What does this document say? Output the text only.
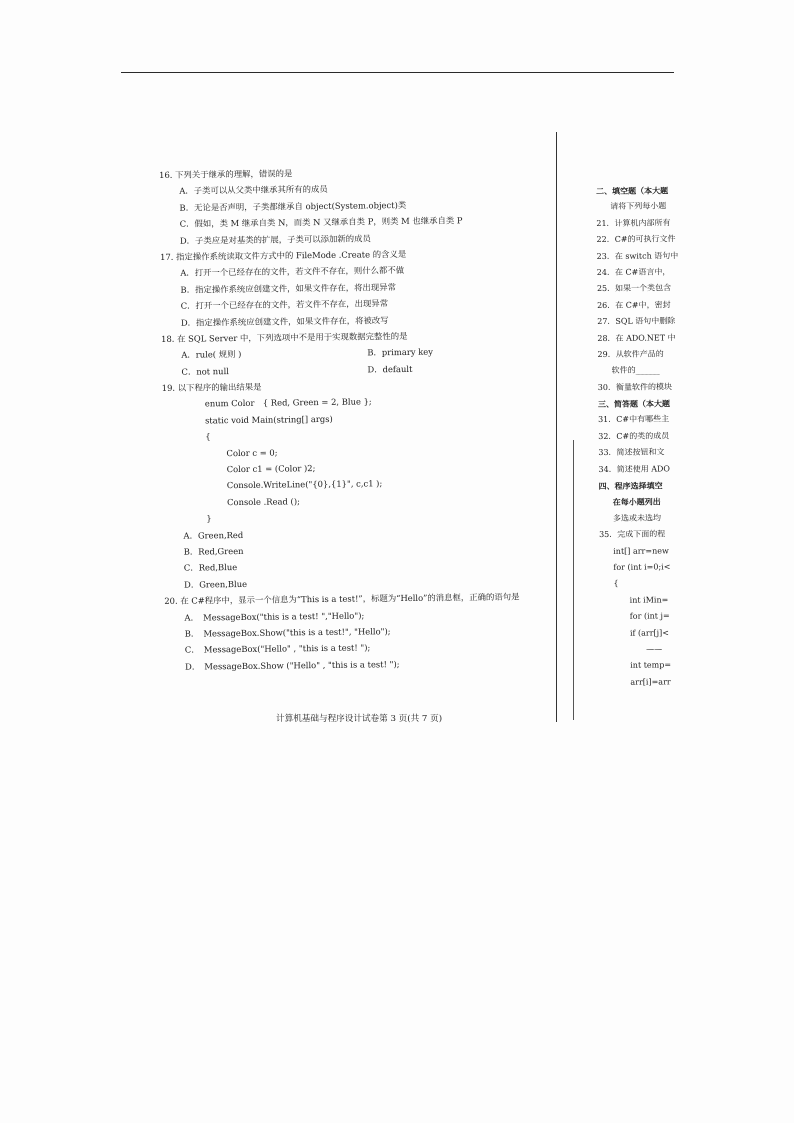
16. 下列关于继承的理解，错误的是
A．子类可以从父类中继承其所有的成员
B．无论是否声明，子类都继承自 object(System.object)类
C．假如，类 M 继承自类 N，而类 N 又继承自类 P，则类 M 也继承自类 P
D．子类应是对基类的扩展，子类可以添加新的成员
17. 指定操作系统读取文件方式中的 FileMode .Create 的含义是
A．打开一个已经存在的文件，若文件不存在，则什么都不做
B．指定操作系统应创建文件，如果文件存在，将出现异常
C．打开一个已经存在的文件，若文件不存在，出现异常
D．指定操作系统应创建文件，如果文件存在，将被改写
18. 在 SQL Server 中，下列选项中不是用于实现数据完整性的是
A．rule( 规则 )	B．primary key
C．not null	D．default
19. 以下程序的输出结果是
enum Color　{ Red, Green = 2, Blue };
static void Main(string[] args)
{
Color c = 0;
Color c1 = (Color )2;
Console.WriteLine("{0},{1}", c,c1 );
Console .Read ();
}
A．Green,Red
B．Red,Green
C．Red,Blue
D．Green,Blue
20. 在 C#程序中，显示一个信息为“This is a test!”，标题为“Hello”的消息框，正确的语句是
A．　MessageBox("this is a test! ","Hello");
B．　MessageBox.Show("this is a test!", "Hello");
C．　MessageBox("Hello" , "this is a test! ");
D．　MessageBox.Show ("Hello" , "this is a test! ");
二、填空题（本大题
请将下列每小题
21．计算机内部所有
22．C#的可执行文件
23．在 switch 语句中
24．在 C#语言中，
25．如果一个类包含
26．在 C#中，密封
27．SQL 语句中删除
28．在 ADO.NET 中
29．从软件产品的
软件的______
30．衡量软件的模块
三、简答题（本大题
31．C#中有哪些主
32．C#的类的成员
33．简述按钮和文
34．简述使用 ADO
四、程序选择填空
在每小题列出
多选或未选均
35．完成下面的程
int[] arr=new
for (int i=0;i<
{
int iMin=
for (int j=
if (arr[j]<
——
int temp=
arr[i]=arr
计算机基础与程序设计试卷第 3 页(共 7 页)
